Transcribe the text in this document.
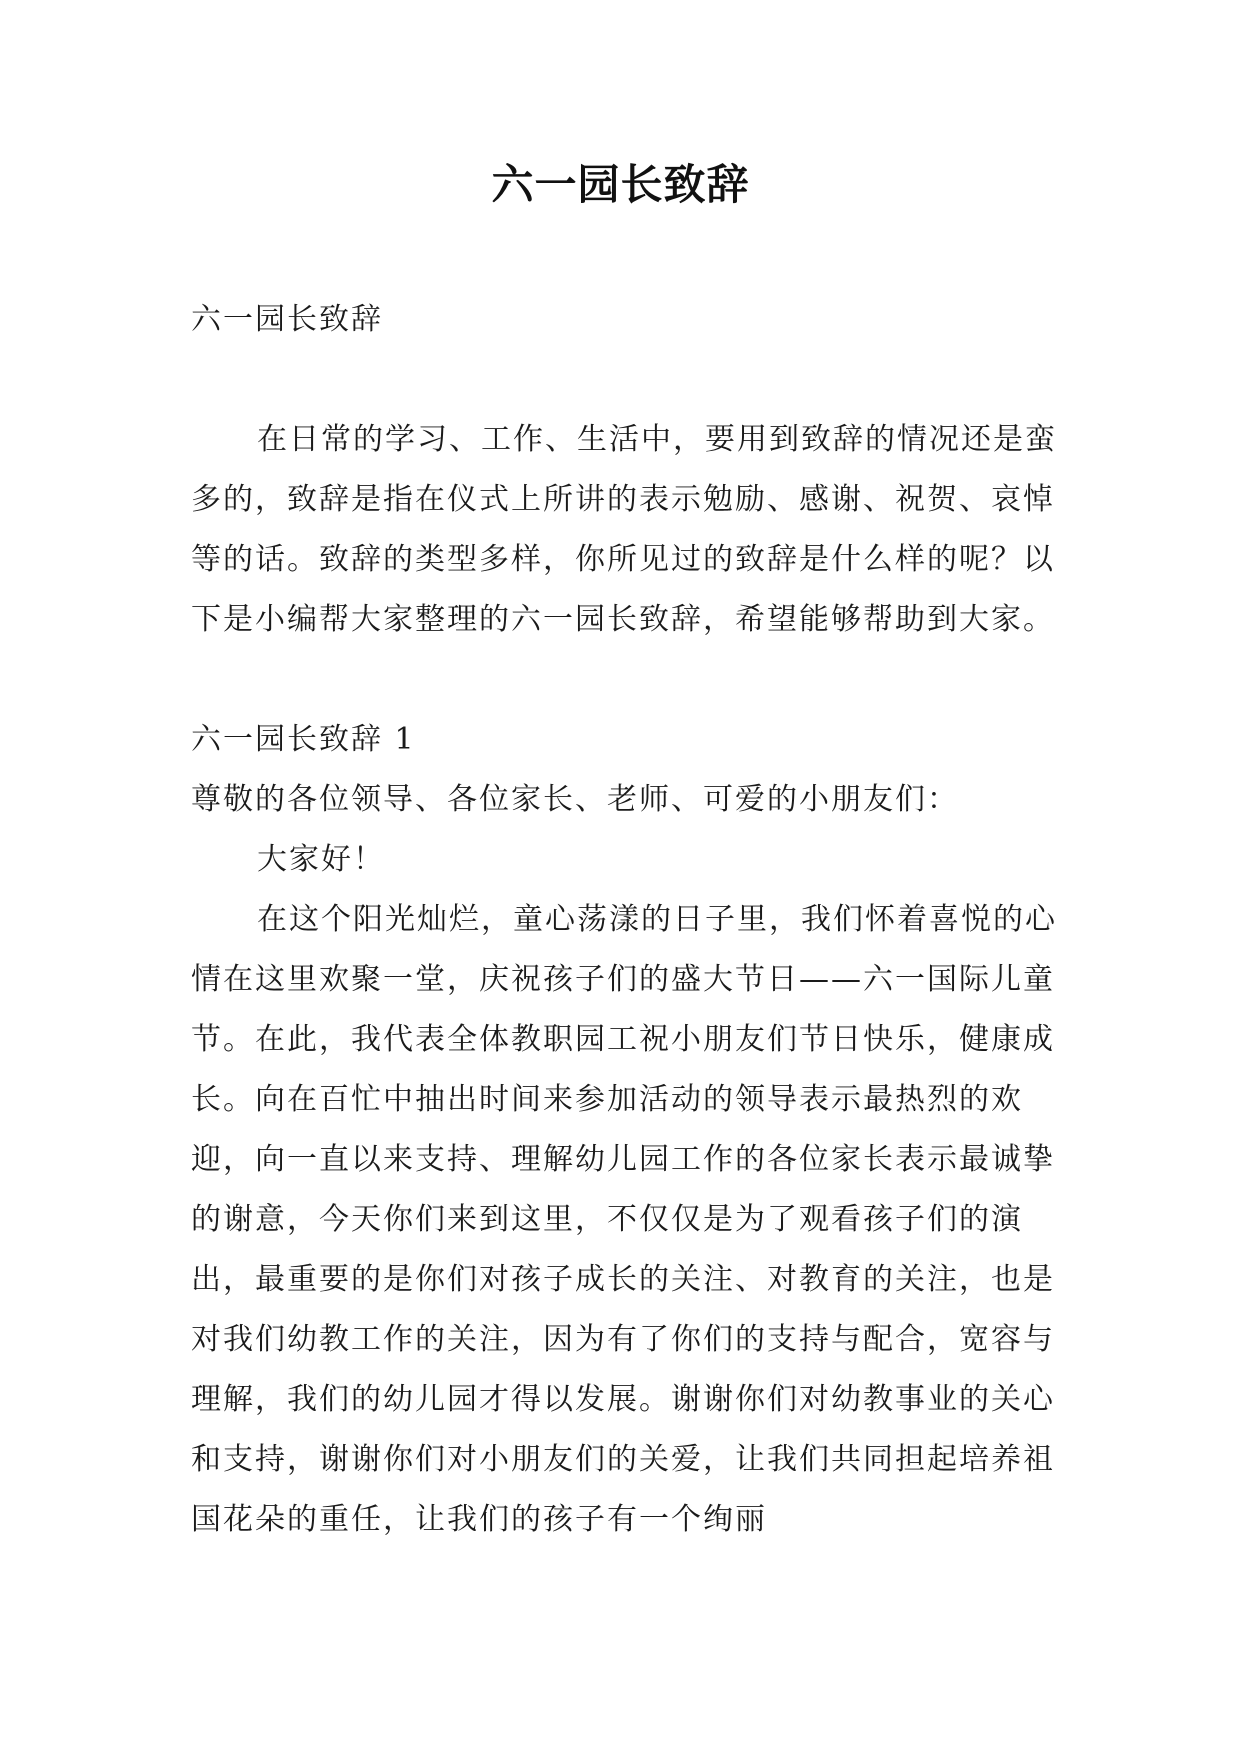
六一园长致辞

六一园长致辞

在日常的学习、工作、生活中，要用到致辞的情况还是蛮多的，致辞是指在仪式上所讲的表示勉励、感谢、祝贺、哀悼等的话。致辞的类型多样，你所见过的致辞是什么样的呢？以下是小编帮大家整理的六一园长致辞，希望能够帮助到大家。

六一园长致辞 1

尊敬的各位领导、各位家长、老师、可爱的小朋友们：

大家好！

在这个阳光灿烂，童心荡漾的日子里，我们怀着喜悦的心情在这里欢聚一堂，庆祝孩子们的盛大节日——六一国际儿童节。在此，我代表全体教职园工祝小朋友们节日快乐，健康成长。向在百忙中抽出时间来参加活动的领导表示最热烈的欢迎，向一直以来支持、理解幼儿园工作的各位家长表示最诚挚的谢意，今天你们来到这里，不仅仅是为了观看孩子们的演出，最重要的是你们对孩子成长的关注、对教育的关注，也是对我们幼教工作的关注，因为有了你们的支持与配合，宽容与理解，我们的幼儿园才得以发展。谢谢你们对幼教事业的关心和支持，谢谢你们对小朋友们的关爱，让我们共同担起培养祖国花朵的重任，让我们的孩子有一个绚丽
